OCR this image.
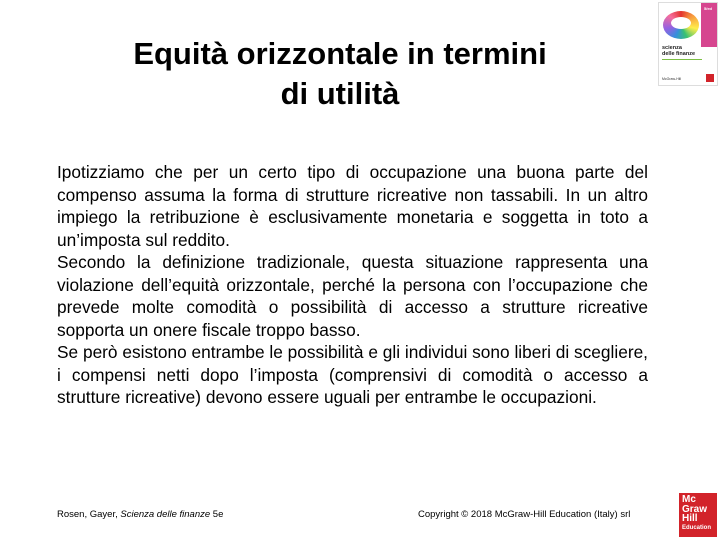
Equità orizzontale in termini
di utilità
5/ed
scienza
delle finanze
McGraw-Hill

Ipotizziamo che per un certo tipo di occupazione una buona parte del compenso assuma la forma di strutture ricreative non tassabili. In un altro impiego la retribuzione è esclusivamente monetaria e soggetta in toto a un’imposta sul reddito.

Secondo la definizione tradizionale, questa situazione rappresenta una violazione dell’equità orizzontale, perché la persona con l’occupazione che prevede molte comodità o possibilità di accesso a strutture ricreative sopporta un onere fiscale troppo basso.

Se però esistono entrambe le possibilità e gli individui sono liberi di scegliere, i compensi netti dopo l’imposta (comprensivi di comodità o accesso a strutture ricreative) devono essere uguali per entrambe le occupazioni.

Rosen, Gayer, Scienza delle finanze 5e	Copyright © 2018 McGraw-Hill Education (Italy) srl
Mc
Graw
Hill
Education
